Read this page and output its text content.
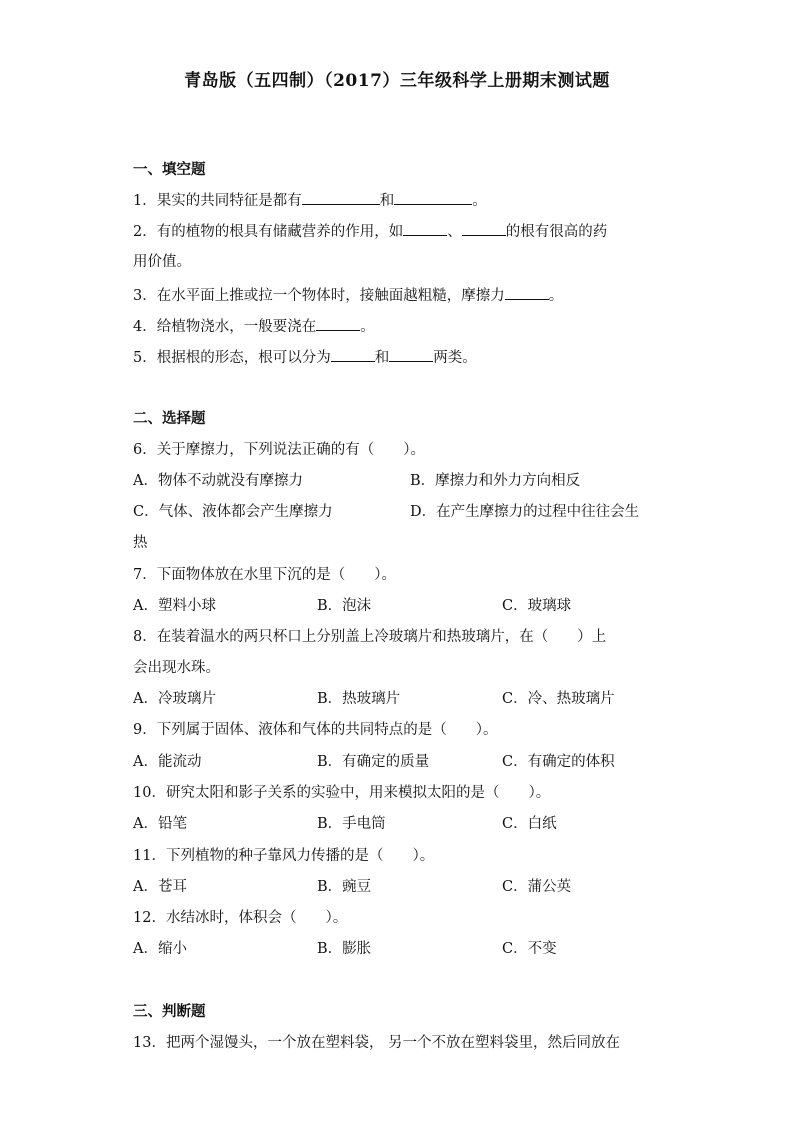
青岛版（五四制）（2017）三年级科学上册期末测试题
一、填空题
1．果实的共同特征是都有	和	。
2．有的植物的根具有储藏营养的作用，如	、	的根有很高的药
用价值。
3．在水平面上推或拉一个物体时，接触面越粗糙，摩擦力	。
4．给植物浇水，一般要浇在	。
5．根据根的形态，根可以分为	和	两类。
二、选择题
6．关于摩擦力，下列说法正确的有（　　）。
A．物体不动就没有摩擦力	B．摩擦力和外力方向相反
C．气体、液体都会产生摩擦力	D．在产生摩擦力的过程中往往会生
热
7．下面物体放在水里下沉的是（　　）。
A．塑料小球	B．泡沫	C．玻璃球
8．在装着温水的两只杯口上分别盖上冷玻璃片和热玻璃片，在（　　）上
会出现水珠。
A．冷玻璃片	B．热玻璃片	C．冷、热玻璃片
9．下列属于固体、液体和气体的共同特点的是（　　）。
A．能流动	B．有确定的质量	C．有确定的体积
10．研究太阳和影子关系的实验中，用来模拟太阳的是（　　）。
A．铅笔	B．手电筒	C．白纸
11．下列植物的种子靠风力传播的是（　　）。
A．苍耳	B．豌豆	C．蒲公英
12．水结冰时，体积会（　　）。
A．缩小	B．膨胀	C．不变
三、判断题
13．把两个湿馒头，一个放在塑料袋， 另一个不放在塑料袋里，然后同放在
